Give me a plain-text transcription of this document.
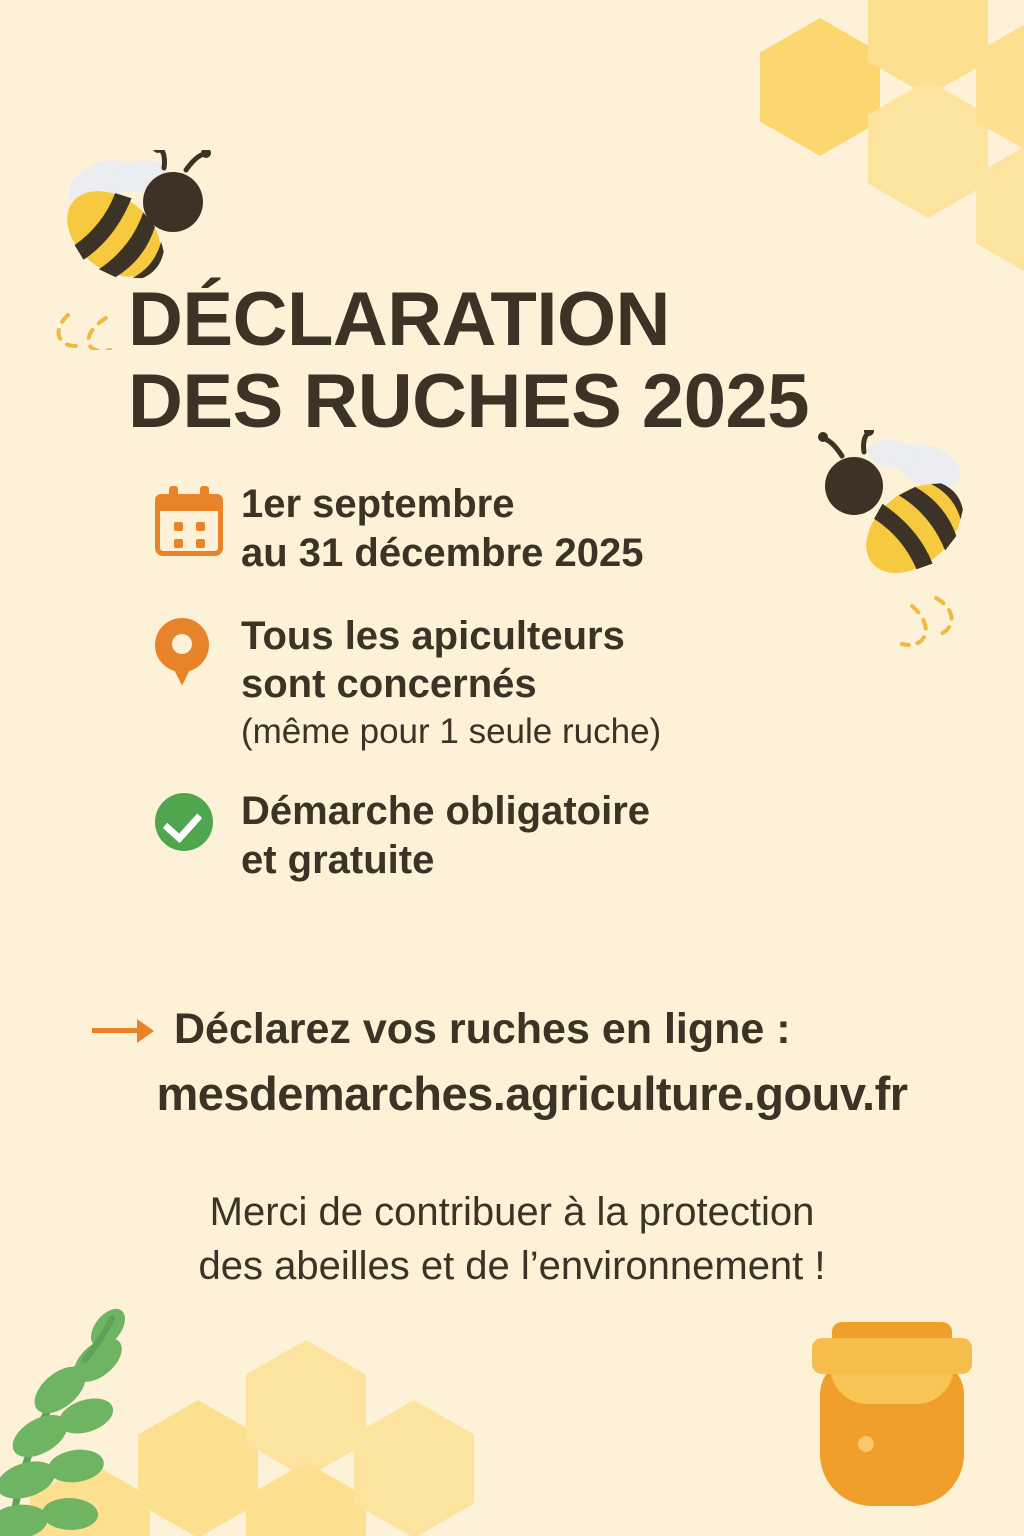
DÉCLARATION
DES RUCHES 2025
1er septembre
au 31 décembre 2025
Tous les apiculteurs
sont concernés
(même pour 1 seule ruche)
Démarche obligatoire
et gratuite
Déclarez vos ruches en ligne :
mesdemarches.agriculture.gouv.fr
Merci de contribuer à la protection
des abeilles et de l’environnement !
